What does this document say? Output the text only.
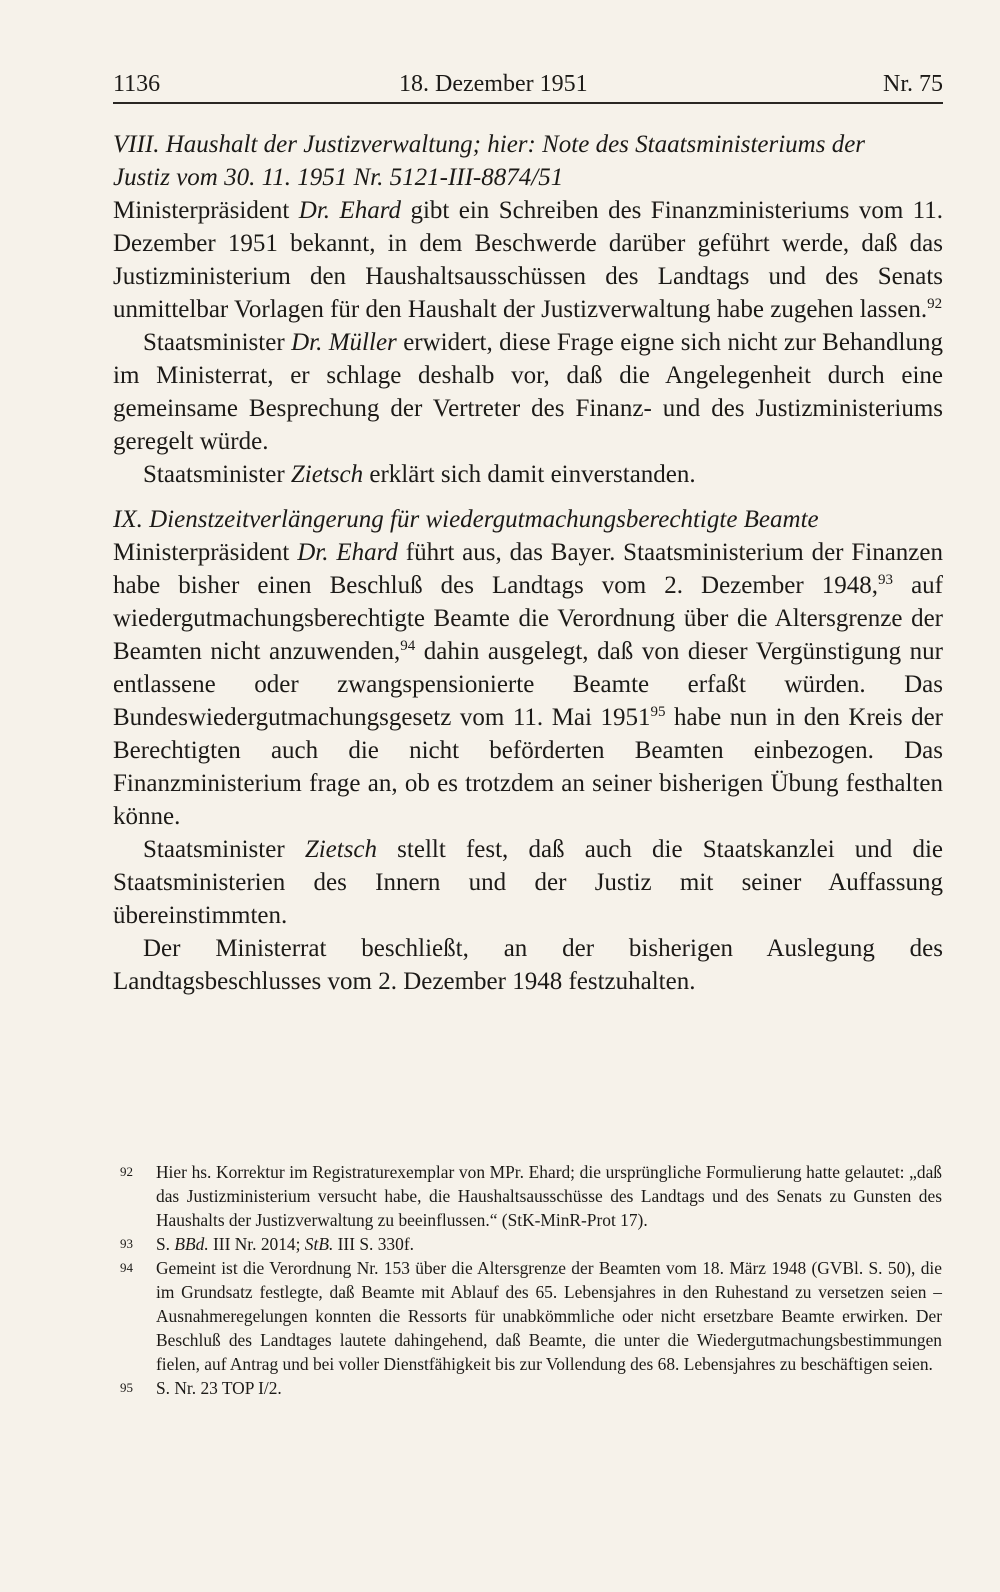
1136	18. Dezember 1951	Nr. 75

VIII. Haushalt der Justizverwaltung; hier: Note des Staatsministeriums der
Justiz vom 30. 11. 1951 Nr. 5121-III-8874/51

Ministerpräsident Dr. Ehard gibt ein Schreiben des Finanzministeriums vom 11. Dezember 1951 bekannt, in dem Beschwerde darüber geführt werde, daß das Justizministerium den Haushaltsausschüssen des Landtags und des Senats unmittelbar Vorlagen für den Haushalt der Justizverwaltung habe zugehen lassen.$^{92}$

Staatsminister Dr. Müller erwidert, diese Frage eigne sich nicht zur Behandlung im Ministerrat, er schlage deshalb vor, daß die Angelegenheit durch eine gemeinsame Besprechung der Vertreter des Finanz- und des Justizministeriums geregelt würde.

Staatsminister Zietsch erklärt sich damit einverstanden.

IX. Dienstzeitverlängerung für wiedergutmachungsberechtigte Beamte

Ministerpräsident Dr. Ehard führt aus, das Bayer. Staatsministerium der Finanzen habe bisher einen Beschluß des Landtags vom 2. Dezember 1948,93 auf wiedergutmachungsberechtigte Beamte die Verordnung über die Altersgrenze der Beamten nicht anzuwenden,$^{94}$ dahin ausgelegt, daß von dieser Vergünstigung nur entlassene oder zwangspensionierte Beamte erfaßt würden. Das Bundeswiedergutmachungsgesetz vom 11. Mai 1951$^{95}$ habe nun in den Kreis der Berechtigten auch die nicht beförderten Beamten einbezogen. Das Finanzministerium frage an, ob es trotzdem an seiner bisherigen Übung festhalten könne.

Staatsminister Zietsch stellt fest, daß auch die Staatskanzlei und die Staatsministerien des Innern und der Justiz mit seiner Auffassung übereinstimmten.

Der Ministerrat beschließt, an der bisherigen Auslegung des Landtagsbeschlusses vom 2. Dezember 1948 festzuhalten.

92 Hier hs. Korrektur im Registraturexemplar von MPr. Ehard; die ursprüngliche Formulierung hatte gelautet: „daß das Justizministerium versucht habe, die Haushaltsausschüsse des Landtags und des Senats zu Gunsten des Haushalts der Justizverwaltung zu beeinflussen.“ (StK-MinR-Prot 17).
93 S. BBd. III Nr. 2014; StB. III S. 330f.
94 Gemeint ist die Verordnung Nr. 153 über die Altersgrenze der Beamten vom 18. März 1948 (GVBl. S. 50), die im Grundsatz festlegte, daß Beamte mit Ablauf des 65. Lebensjahres in den Ruhestand zu versetzen seien – Ausnahmeregelungen konnten die Ressorts für unabkömmliche oder nicht ersetzbare Beamte erwirken. Der Beschluß des Landtages lautete dahingehend, daß Beamte, die unter die Wiedergutmachungsbestimmungen fielen, auf Antrag und bei voller Dienstfähigkeit bis zur Vollendung des 68. Lebensjahres zu beschäftigen seien.
95 S. Nr. 23 TOP I/2.
